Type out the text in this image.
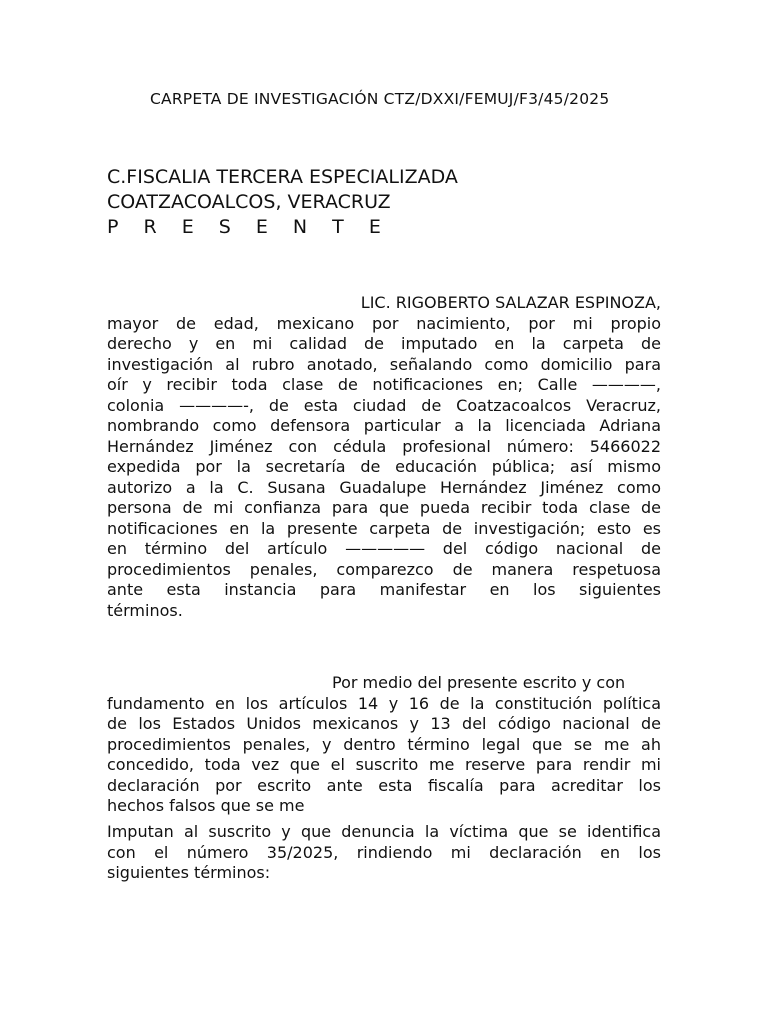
CARPETA DE INVESTIGACIÓN CTZ/DXXI/FEMUJ/F3/45/2025
C.FISCALIA TERCERA ESPECIALIZADA
COATZACOALCOS, VERACRUZ
P R E S E N T E
LIC. RIGOBERTO SALAZAR ESPINOZA,
mayor de edad, mexicano por nacimiento, por mi propio
derecho y en mi calidad de imputado en la carpeta de
investigación al rubro anotado, señalando como domicilio para
oír y recibir toda clase de notificaciones en; Calle ————,
colonia ————-, de esta ciudad de Coatzacoalcos Veracruz,
nombrando como defensora particular a la licenciada Adriana
Hernández Jiménez con cédula profesional número: 5466022
expedida por la secretaría de educación pública; así mismo
autorizo a la C. Susana Guadalupe Hernández Jiménez como
persona de mi confianza para que pueda recibir toda clase de
notificaciones en la presente carpeta de investigación; esto es
en término del artículo ————— del código nacional de
procedimientos penales, comparezco de manera respetuosa
ante esta instancia para manifestar en los siguientes
términos.
Por medio del presente escrito y con
fundamento en los artículos 14 y 16 de la constitución política
de los Estados Unidos mexicanos y 13 del código nacional de
procedimientos penales, y dentro término legal que se me ah
concedido, toda vez que el suscrito me reserve para rendir mi
declaración por escrito ante esta fiscalía para acreditar los
hechos falsos que se me
Imputan al suscrito y que denuncia la víctima que se identifica
con el número 35/2025, rindiendo mi declaración en los
siguientes términos:
